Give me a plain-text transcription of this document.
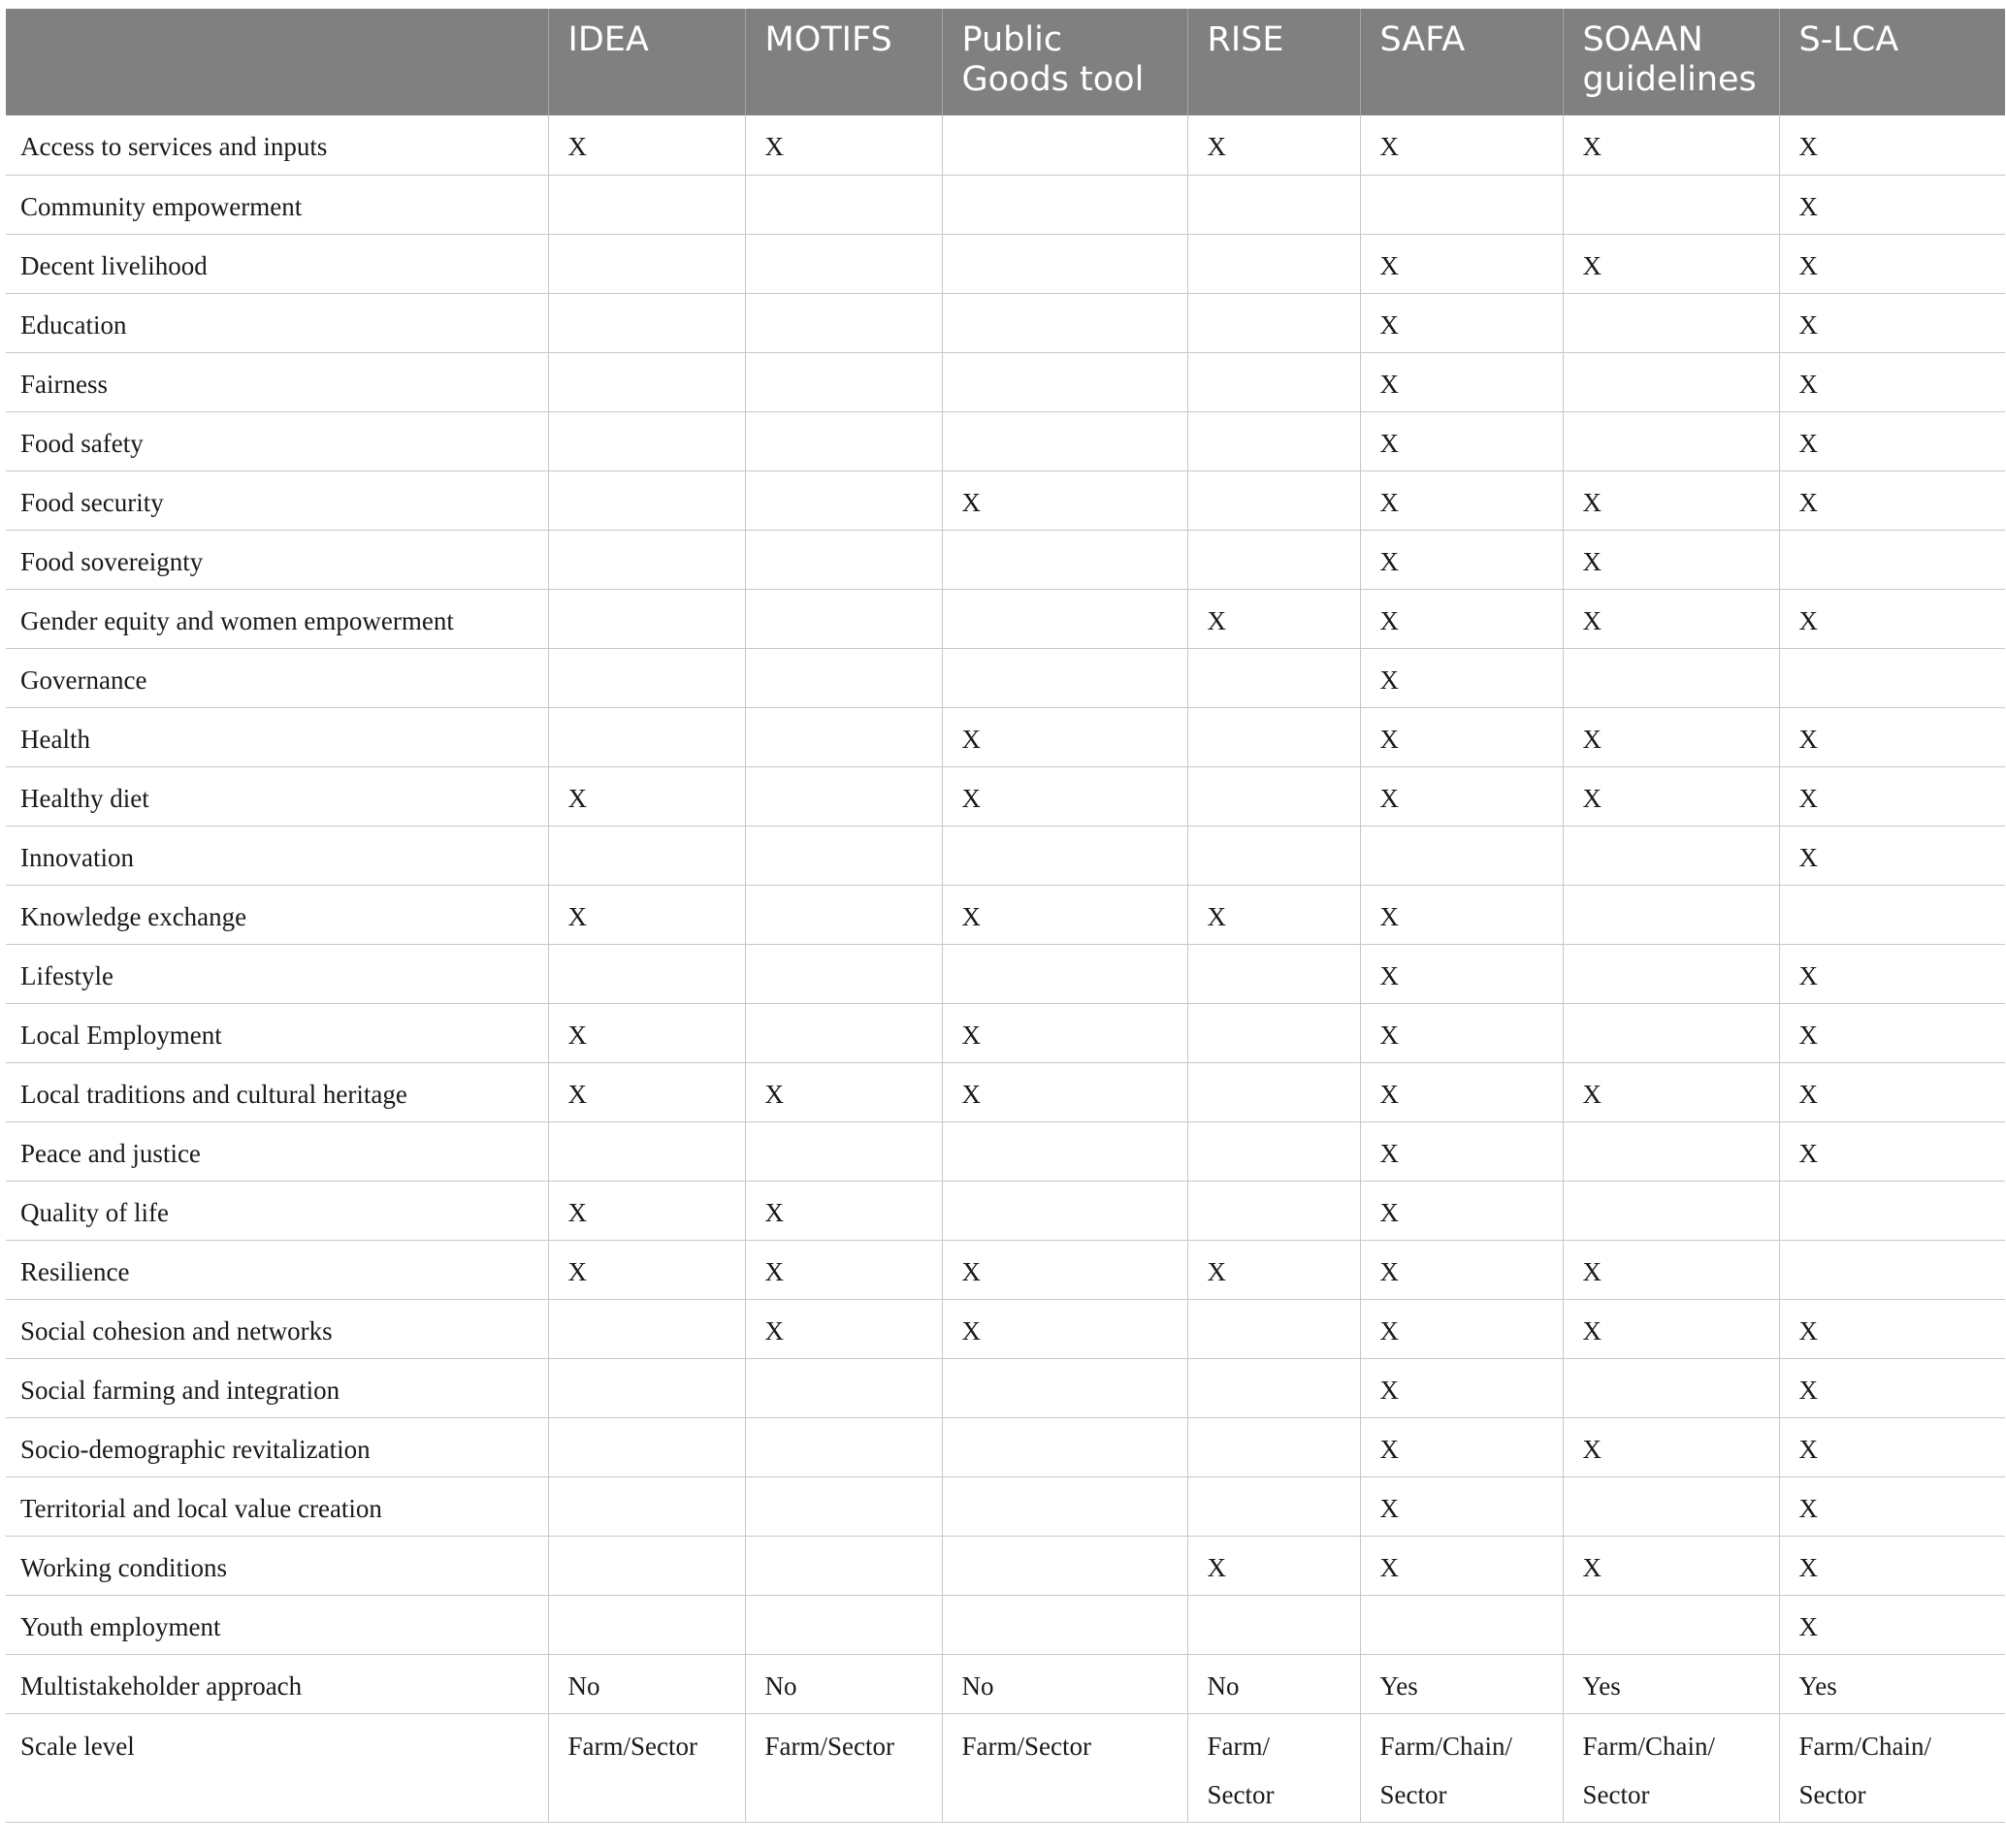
	IDEA	MOTIFS	Public Goods tool	RISE	SAFA	SOAAN guidelines	S-LCA
Access to services and inputs	X	X		X	X	X	X
Community empowerment							X
Decent livelihood					X	X	X
Education					X		X
Fairness					X		X
Food safety					X		X
Food security			X		X	X	X
Food sovereignty					X	X	
Gender equity and women empowerment				X	X	X	X
Governance					X		
Health			X		X	X	X
Healthy diet	X		X		X	X	X
Innovation							X
Knowledge exchange	X		X	X	X		
Lifestyle					X		X
Local Employment	X		X		X		X
Local traditions and cultural heritage	X	X	X		X	X	X
Peace and justice					X		X
Quality of life	X	X			X		
Resilience	X	X	X	X	X	X	
Social cohesion and networks		X	X		X	X	X
Social farming and integration					X		X
Socio-demographic revitalization					X	X	X
Territorial and local value creation					X		X
Working conditions				X	X	X	X
Youth employment							X
Multistakeholder approach	No	No	No	No	Yes	Yes	Yes
Scale level	Farm/Sector	Farm/Sector	Farm/Sector	Farm/ Sector	Farm/Chain/ Sector	Farm/Chain/ Sector	Farm/Chain/ Sector
